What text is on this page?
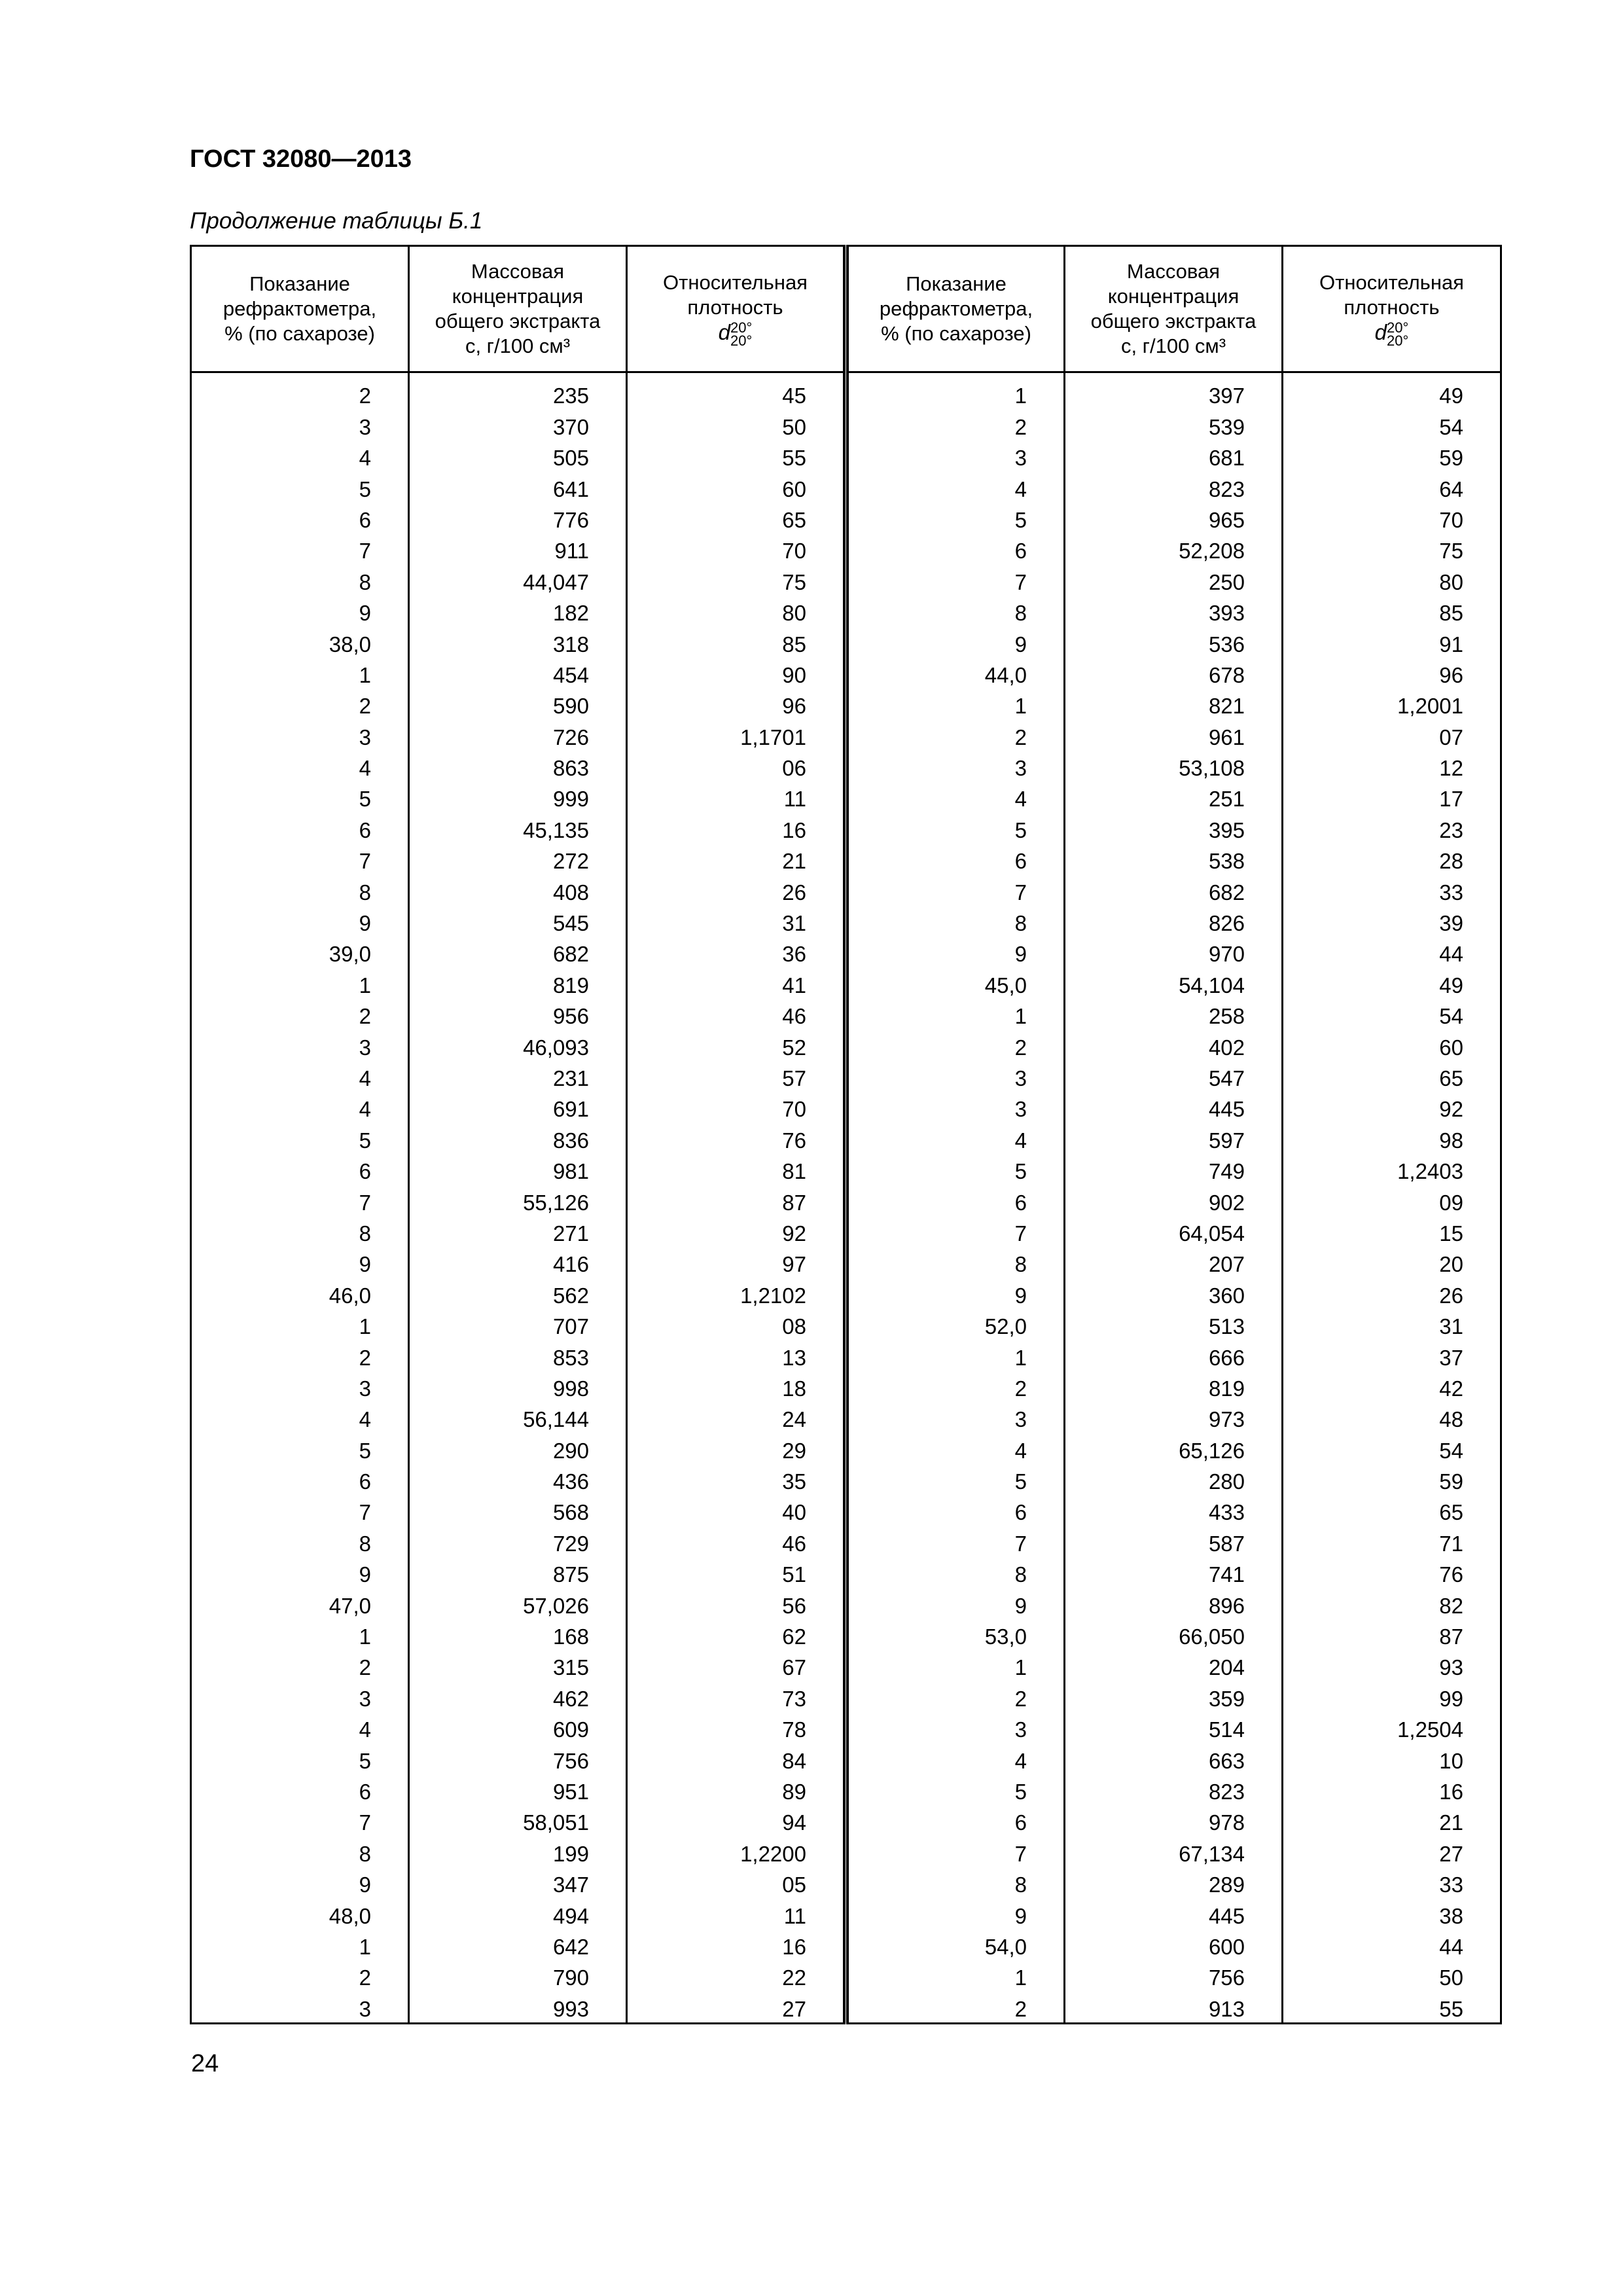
ГОСТ 32080—2013

Продолжение таблицы Б.1

Показание
рефрактометра,
% (по сахарозе)	Массовая
концентрация
общего экстракта
c, г/100 см³	Относительная
плотность
d 20°
20°

2	235	45
3	370	50
4	505	55
5	641	60
6	776	65
7	911	70
8	44,047	75
9	182	80
38,0	318	85
1	454	90
2	590	96
3	726	1,1701
4	863	06
5	999	11
6	45,135	16
7	272	21
8	408	26
9	545	31
39,0	682	36
1	819	41
2	956	46
3	46,093	52
4	231	57
4	691	70
5	836	76
6	981	81
7	55,126	87
8	271	92
9	416	97
46,0	562	1,2102
1	707	08
2	853	13
3	998	18
4	56,144	24
5	290	29
6	436	35
7	568	40
8	729	46
9	875	51
47,0	57,026	56
1	168	62
2	315	67
3	462	73
4	609	78
5	756	84
6	951	89
7	58,051	94
8	199	1,2200
9	347	05
48,0	494	11
1	642	16
2	790	22
3	993	27
Показание
рефрактометра,
% (по сахарозе)	Массовая
концентрация
общего экстракта
c, г/100 см³	Относительная
плотность
d 20°
20°

1	397	49
2	539	54
3	681	59
4	823	64
5	965	70
6	52,208	75
7	250	80
8	393	85
9	536	91
44,0	678	96
1	821	1,2001
2	961	07
3	53,108	12
4	251	17
5	395	23
6	538	28
7	682	33
8	826	39
9	970	44
45,0	54,104	49
1	258	54
2	402	60
3	547	65
3	445	92
4	597	98
5	749	1,2403
6	902	09
7	64,054	15
8	207	20
9	360	26
52,0	513	31
1	666	37
2	819	42
3	973	48
4	65,126	54
5	280	59
6	433	65
7	587	71
8	741	76
9	896	82
53,0	66,050	87
1	204	93
2	359	99
3	514	1,2504
4	663	10
5	823	16
6	978	21
7	67,134	27
8	289	33
9	445	38
54,0	600	44
1	756	50
2	913	55

24
